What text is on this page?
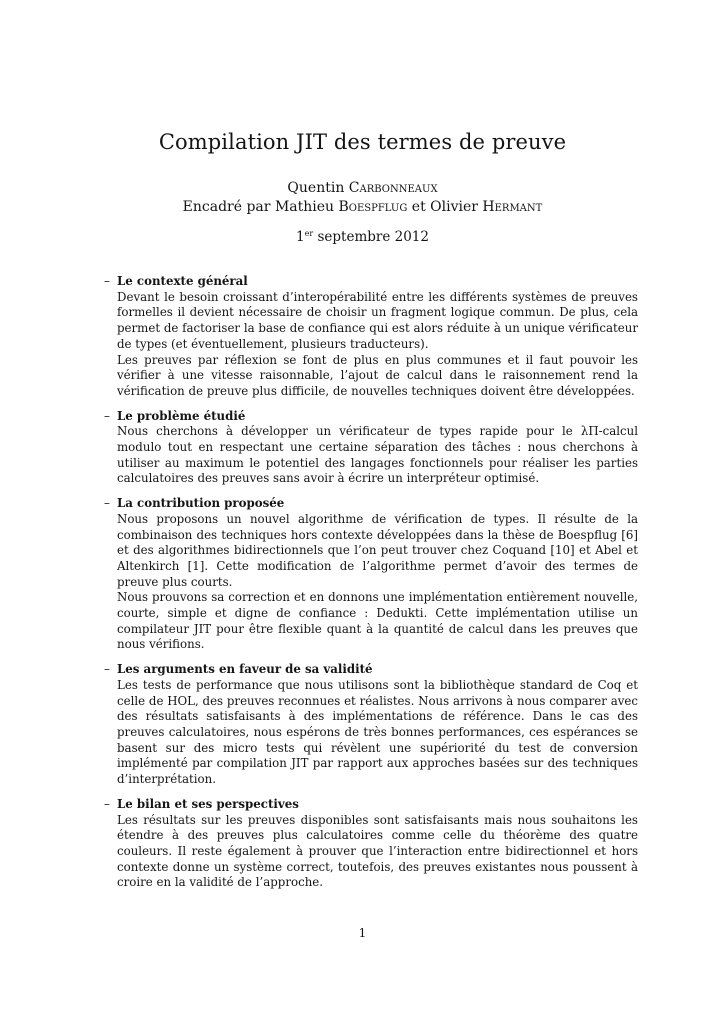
Compilation JIT des termes de preuve
Quentin Carbonneaux
Encadré par Mathieu Boespflug et Olivier Hermant
1er septembre 2012
– Le contexte général
Devant le besoin croissant d’interopérabilité entre les différents systèmes de preuves formelles il devient nécessaire de choisir un fragment logique commun. De plus, cela permet de factoriser la base de confiance qui est alors réduite à un unique vérificateur de types (et éventuellement, plusieurs traducteurs).
Les preuves par réflexion se font de plus en plus communes et il faut pouvoir les vérifier à une vitesse raisonnable, l’ajout de calcul dans le raisonnement rend la vérification de preuve plus difficile, de nouvelles techniques doivent être développées.
– Le problème étudié
Nous cherchons à développer un vérificateur de types rapide pour le λΠ-calcul modulo tout en respectant une certaine séparation des tâches : nous cherchons à utiliser au maximum le potentiel des langages fonctionnels pour réaliser les parties calculatoires des preuves sans avoir à écrire un interpréteur optimisé.
– La contribution proposée
Nous proposons un nouvel algorithme de vérification de types. Il résulte de la combinaison des techniques hors contexte développées dans la thèse de Boespflug [6] et des algorithmes bidirectionnels que l’on peut trouver chez Coquand [10] et Abel et Altenkirch [1]. Cette modification de l’algorithme permet d’avoir des termes de preuve plus courts.
Nous prouvons sa correction et en donnons une implémentation entièrement nouvelle, courte, simple et digne de confiance : Dedukti. Cette implémentation utilise un compilateur JIT pour être flexible quant à la quantité de calcul dans les preuves que nous vérifions.
– Les arguments en faveur de sa validité
Les tests de performance que nous utilisons sont la bibliothèque standard de Coq et celle de HOL, des preuves reconnues et réalistes. Nous arrivons à nous comparer avec des résultats satisfaisants à des implémentations de référence. Dans le cas des preuves calculatoires, nous espérons de très bonnes performances, ces espérances se basent sur des micro tests qui révèlent une supériorité du test de conversion implémenté par compilation JIT par rapport aux approches basées sur des techniques d’interprétation.
– Le bilan et ses perspectives
Les résultats sur les preuves disponibles sont satisfaisants mais nous souhaitons les étendre à des preuves plus calculatoires comme celle du théorème des quatre couleurs. Il reste également à prouver que l’interaction entre bidirectionnel et hors contexte donne un système correct, toutefois, des preuves existantes nous poussent à croire en la validité de l’approche.
1
